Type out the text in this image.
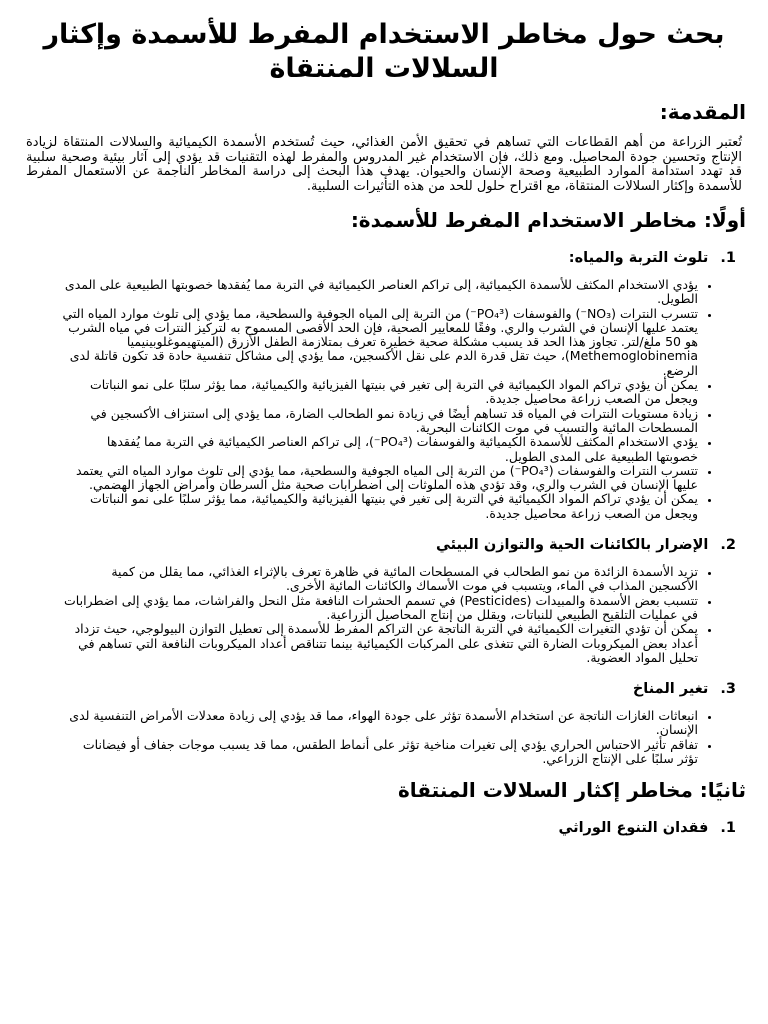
بحث حول مخاطر الاستخدام المفرط للأسمدة وإكثار السلالات المنتقاة
المقدمة:

تُعتبر الزراعة من أهم القطاعات التي تساهم في تحقيق الأمن الغذائي، حيث تُستخدم الأسمدة الكيميائية والسلالات المنتقاة لزيادة الإنتاج وتحسين جودة المحاصيل. ومع ذلك، فإن الاستخدام غير المدروس والمفرط لهذه التقنيات قد يؤدي إلى آثار بيئية وصحية سلبية قد تهدد استدامة الموارد الطبيعية وصحة الإنسان والحيوان. يهدف هذا البحث إلى دراسة المخاطر الناجمة عن الاستعمال المفرط للأسمدة وإكثار السلالات المنتقاة، مع اقتراح حلول للحد من هذه التأثيرات السلبية.

أولًا: مخاطر الاستخدام المفرط للأسمدة:
1.تلوث التربة والمياه:
• يؤدي الاستخدام المكثف للأسمدة الكيميائية، إلى تراكم العناصر الكيميائية في التربة مما يُفقدها خصوبتها الطبيعية على المدى الطويل.
• تتسرب النترات (NO₃⁻) والفوسفات (PO₄³⁻) من التربة إلى المياه الجوفية والسطحية، مما يؤدي إلى تلوث موارد المياه التي يعتمد عليها الإنسان في الشرب والري. وفقًا للمعايير الصحية، فإن الحد الأقصى المسموح به لتركيز النترات في مياه الشرب هو 50 ملغ/لتر. تجاوز هذا الحد قد يسبب مشكلة صحية خطيرة تعرف بمتلازمة الطفل الأزرق (الميتهيموغلوبينيميا Methemoglobinemia)، حيث تقل قدرة الدم على نقل الأكسجين، مما يؤدي إلى مشاكل تنفسية حادة قد تكون قاتلة لدى الرضع.
• يمكن أن يؤدي تراكم المواد الكيميائية في التربة إلى تغير في بنيتها الفيزيائية والكيميائية، مما يؤثر سلبًا على نمو النباتات ويجعل من الصعب زراعة محاصيل جديدة.
• زيادة مستويات النترات في المياه قد تساهم أيضًا في زيادة نمو الطحالب الضارة، مما يؤدي إلى استنزاف الأكسجين في المسطحات المائية والتسبب في موت الكائنات البحرية.
• يؤدي الاستخدام المكثف للأسمدة الكيميائية والفوسفات (PO₄³⁻)، إلى تراكم العناصر الكيميائية في التربة مما يُفقدها خصوبتها الطبيعية على المدى الطويل.
• تتسرب النترات والفوسفات (PO₄³⁻) من التربة إلى المياه الجوفية والسطحية، مما يؤدي إلى تلوث موارد المياه التي يعتمد عليها الإنسان في الشرب والري، وقد تؤدي هذه الملوثات إلى اضطرابات صحية مثل السرطان وأمراض الجهاز الهضمي.
• يمكن أن يؤدي تراكم المواد الكيميائية في التربة إلى تغير في بنيتها الفيزيائية والكيميائية، مما يؤثر سلبًا على نمو النباتات ويجعل من الصعب زراعة محاصيل جديدة.
2.الإضرار بالكائنات الحية والتوازن البيئي
• تزيد الأسمدة الزائدة من نمو الطحالب في المسطحات المائية في ظاهرة تعرف بالإثراء الغذائي، مما يقلل من كمية الأكسجين المذاب في الماء، ويتسبب في موت الأسماك والكائنات المائية الأخرى.
• تتسبب بعض الأسمدة والمبيدات (Pesticides) في تسمم الحشرات النافعة مثل النحل والفراشات، مما يؤدي إلى اضطرابات في عمليات التلقيح الطبيعي للنباتات، ويقلل من إنتاج المحاصيل الزراعية.
• يمكن أن تؤدي التغيرات الكيميائية في التربة الناتجة عن التراكم المفرط للأسمدة إلى تعطيل التوازن البيولوجي، حيث تزداد أعداد بعض الميكروبات الضارة التي تتغذى على المركبات الكيميائية بينما تتناقص أعداد الميكروبات النافعة التي تساهم في تحليل المواد العضوية.
3.تغير المناخ
• انبعاثات الغازات الناتجة عن استخدام الأسمدة تؤثر على جودة الهواء، مما قد يؤدي إلى زيادة معدلات الأمراض التنفسية لدى الإنسان.
• تفاقم تأثير الاحتباس الحراري يؤدي إلى تغيرات مناخية تؤثر على أنماط الطقس، مما قد يسبب موجات جفاف أو فيضانات تؤثر سلبًا على الإنتاج الزراعي.
ثانيًا: مخاطر إكثار السلالات المنتقاة
1.فقدان التنوع الوراثي
